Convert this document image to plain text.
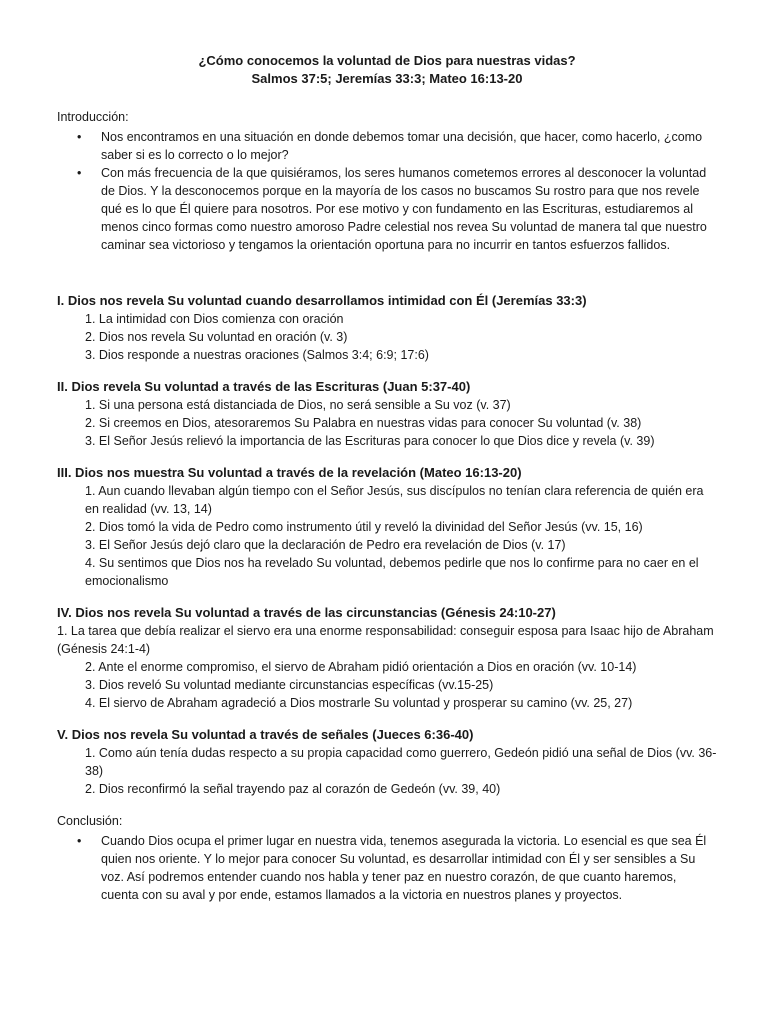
¿Cómo conocemos la voluntad de Dios para nuestras vidas?

Salmos 37:5; Jeremías 33:3; Mateo 16:13-20

Introducción:
• Nos encontramos en una situación en donde debemos tomar una decisión, que hacer, como hacerlo, ¿como saber si es lo correcto o lo mejor?
• Con más frecuencia de la que quisiéramos, los seres humanos cometemos errores al desconocer la voluntad de Dios. Y la desconocemos porque en la mayoría de los casos no buscamos Su rostro para que nos revele qué es lo que Él quiere para nosotros. Por ese motivo y con fundamento en las Escrituras, estudiaremos al menos cinco formas como nuestro amoroso Padre celestial nos revea Su voluntad de manera tal que nuestro caminar sea victorioso y tengamos la orientación oportuna para no incurrir en tantos esfuerzos fallidos.

I. Dios nos revela Su voluntad cuando desarrollamos intimidad con Él (Jeremías 33:3)

1. La intimidad con Dios comienza con oración
2. Dios nos revela Su voluntad en oración (v. 3)
3. Dios responde a nuestras oraciones (Salmos 3:4; 6:9; 17:6)

II. Dios revela Su voluntad a través de las Escrituras (Juan 5:37-40)

1. Si una persona está distanciada de Dios, no será sensible a Su voz (v. 37)
2. Si creemos en Dios, atesoraremos Su Palabra en nuestras vidas para conocer Su voluntad (v. 38)
3. El Señor Jesús relievó la importancia de las Escrituras para conocer lo que Dios dice y revela (v. 39)

III. Dios nos muestra Su voluntad a través de la revelación (Mateo 16:13-20)

1. Aun cuando llevaban algún tiempo con el Señor Jesús, sus discípulos no tenían clara referencia de quién era en realidad (vv. 13, 14)
2. Dios tomó la vida de Pedro como instrumento útil y reveló la divinidad del Señor Jesús (vv. 15, 16)
3. El Señor Jesús dejó claro que la declaración de Pedro era revelación de Dios (v. 17)
4. Su sentimos que Dios nos ha revelado Su voluntad, debemos pedirle que nos lo confirme para no caer en el emocionalismo

IV. Dios nos revela Su voluntad a través de las circunstancias (Génesis 24:10-27)

1. La tarea que debía realizar el siervo era una enorme responsabilidad: conseguir esposa para Isaac hijo de Abraham (Génesis 24:1-4)
2. Ante el enorme compromiso, el siervo de Abraham pidió orientación a Dios en oración (vv. 10-14)
3. Dios reveló Su voluntad mediante circunstancias específicas (vv.15-25)
4. El siervo de Abraham agradeció a Dios mostrarle Su voluntad y prosperar su camino (vv. 25, 27)

V. Dios nos revela Su voluntad a través de señales (Jueces 6:36-40)

1. Como aún tenía dudas respecto a su propia capacidad como guerrero, Gedeón pidió una señal de Dios (vv. 36-38)
2. Dios reconfirmó la señal trayendo paz al corazón de Gedeón (vv. 39, 40)
Conclusión:
• Cuando Dios ocupa el primer lugar en nuestra vida, tenemos asegurada la victoria. Lo esencial es que sea Él quien nos oriente. Y lo mejor para conocer Su voluntad, es desarrollar intimidad con Él y ser sensibles a Su voz. Así podremos entender cuando nos habla y tener paz en nuestro corazón, de que cuanto haremos, cuenta con su aval y por ende, estamos llamados a la victoria en nuestros planes y proyectos.
